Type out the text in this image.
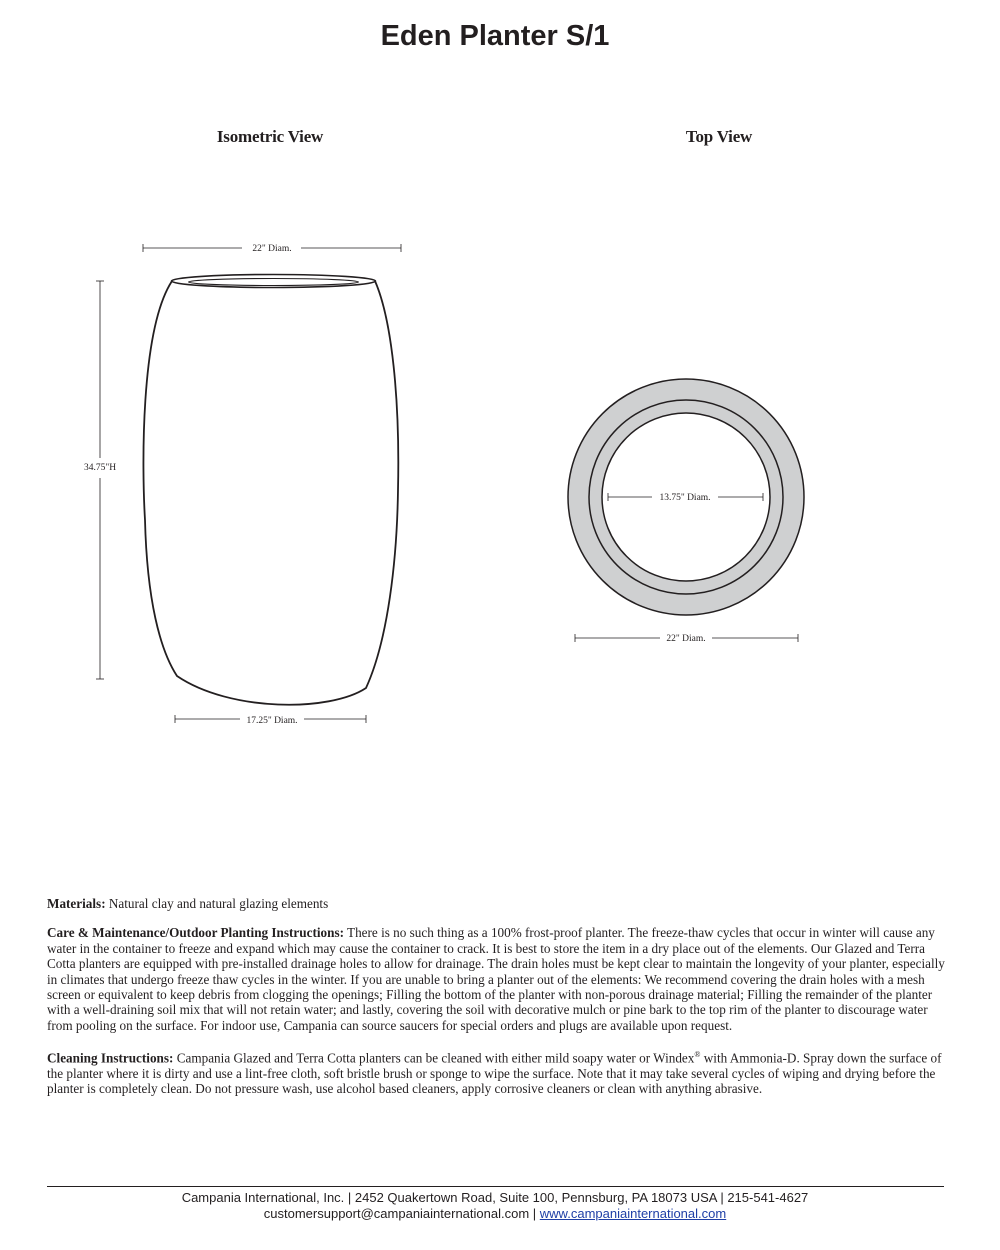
Eden Planter S/1
Isometric View	Top View
22" Diam.
34.75"H
17.25" Diam.
13.75" Diam.
22" Diam.

Materials: Natural clay and natural glazing elements

Care & Maintenance/Outdoor Planting Instructions: There is no such thing as a 100% frost-proof planter. The freeze-thaw cycles that occur in winter will cause any water in the container to freeze and expand which may cause the container to crack. It is best to store the item in a dry place out of the elements. Our Glazed and Terra Cotta planters are equipped with pre-installed drainage holes to allow for drainage. The drain holes must be kept clear to maintain the longevity of your planter, especially in climates that undergo freeze thaw cycles in the winter. If you are unable to bring a planter out of the elements: We recommend covering the drain holes with a mesh screen or equivalent to keep debris from clogging the openings; Filling the bottom of the planter with non-porous drainage material; Filling the remainder of the planter with a well-draining soil mix that will not retain water; and lastly, covering the soil with decorative mulch or pine bark to the top rim of the planter to discourage water from pooling on the surface. For indoor use, Campania can source saucers for special orders and plugs are available upon request.

Cleaning Instructions: Campania Glazed and Terra Cotta planters can be cleaned with either mild soapy water or Windex® with Ammonia-D. Spray down the surface of the planter where it is dirty and use a lint-free cloth, soft bristle brush or sponge to wipe the surface. Note that it may take several cycles of wiping and drying before the planter is completely clean. Do not pressure wash, use alcohol based cleaners, apply corrosive cleaners or clean with anything abrasive.

Campania International, Inc. | 2452 Quakertown Road, Suite 100, Pennsburg, PA 18073 USA | 215-541-4627
customersupport@campaniainternational.com | www.campaniainternational.com
